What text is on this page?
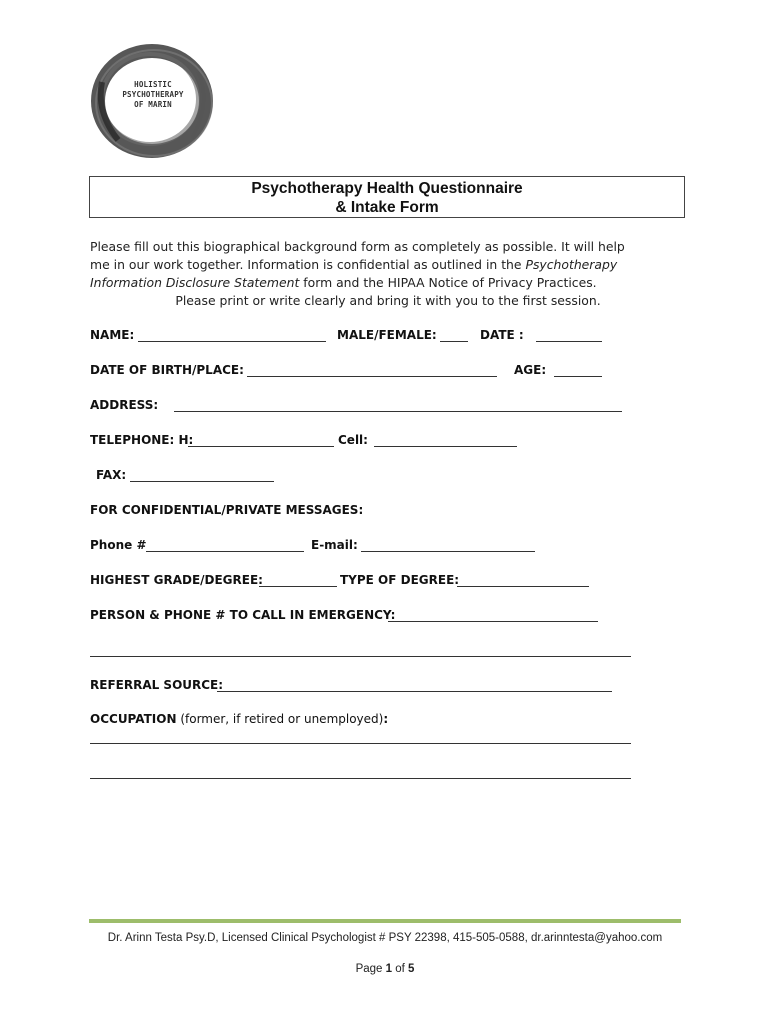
HOLISTIC
PSYCHOTHERAPY
OF MARIN
Psychotherapy Health Questionnaire
& Intake Form
Please fill out this biographical background form as completely as possible. It will help
me in our work together. Information is confidential as outlined in the Psychotherapy
Information Disclosure Statement form and the HIPAA Notice of Privacy Practices.
Please print or write clearly and bring it with you to the first session.
NAME:	MALE/FEMALE:	DATE :
DATE OF BIRTH/PLACE:	AGE:
ADDRESS:
TELEPHONE: H:	Cell:
FAX:
FOR CONFIDENTIAL/PRIVATE MESSAGES:
Phone #	E-mail:
HIGHEST GRADE/DEGREE:	TYPE OF DEGREE:
PERSON & PHONE # TO CALL IN EMERGENCY:
REFERRAL SOURCE:
OCCUPATION (former, if retired or unemployed):
Dr. Arinn Testa Psy.D, Licensed Clinical Psychologist # PSY 22398, 415-505-0588, dr.arinntesta@yahoo.com
Page 1 of 5
